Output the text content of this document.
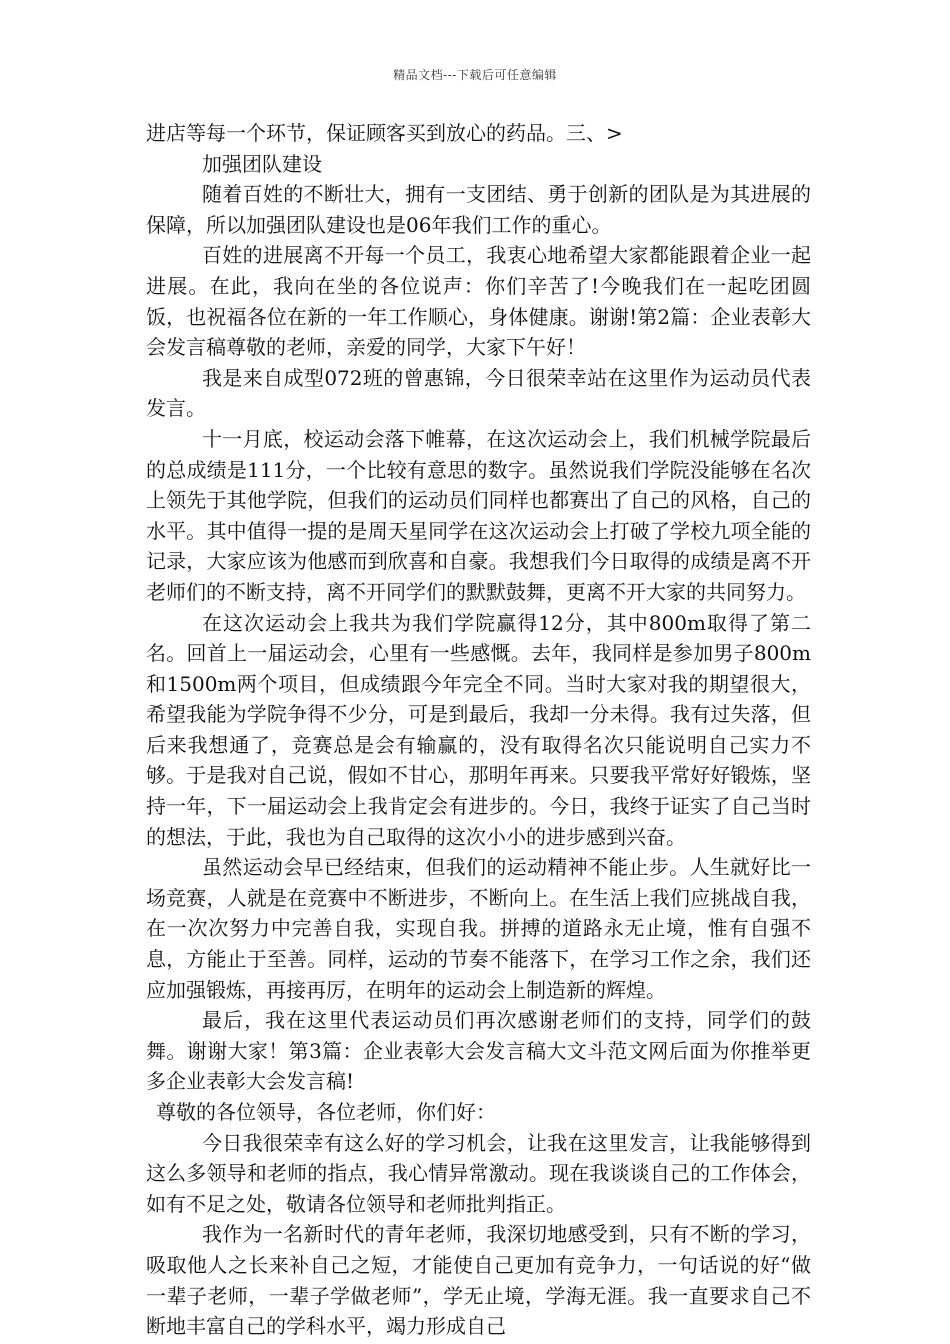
精品文档---下载后可任意编辑

进店等每一个环节，保证顾客买到放心的药品。三、>

加强团队建设

随着百姓的不断壮大，拥有一支团结、勇于创新的团队是为其进展的保障，所以加强团队建设也是06年我们工作的重心。

百姓的进展离不开每一个员工，我衷心地希望大家都能跟着企业一起进展。在此，我向在坐的各位说声：你们辛苦了!今晚我们在一起吃团圆饭，也祝福各位在新的一年工作顺心，身体健康。谢谢!第2篇：企业表彰大会发言稿尊敬的老师，亲爱的同学，大家下午好！

我是来自成型072班的曾惠锦，今日很荣幸站在这里作为运动员代表发言。

十一月底，校运动会落下帷幕，在这次运动会上，我们机械学院最后的总成绩是111分，一个比较有意思的数字。虽然说我们学院没能够在名次上领先于其他学院，但我们的运动员们同样也都赛出了自己的风格，自己的水平。其中值得一提的是周天星同学在这次运动会上打破了学校九项全能的记录，大家应该为他感而到欣喜和自豪。我想我们今日取得的成绩是离不开老师们的不断支持，离不开同学们的默默鼓舞，更离不开大家的共同努力。

在这次运动会上我共为我们学院赢得12分，其中800m取得了第二名。回首上一届运动会，心里有一些感慨。去年，我同样是参加男子800m和1500m两个项目，但成绩跟今年完全不同。当时大家对我的期望很大，希望我能为学院争得不少分，可是到最后，我却一分未得。我有过失落，但后来我想通了，竞赛总是会有输赢的，没有取得名次只能说明自己实力不够。于是我对自己说，假如不甘心，那明年再来。只要我平常好好锻炼，坚持一年，下一届运动会上我肯定会有进步的。今日，我终于证实了自己当时的想法，于此，我也为自己取得的这次小小的进步感到兴奋。

虽然运动会早已经结束，但我们的运动精神不能止步。人生就好比一场竞赛，人就是在竞赛中不断进步，不断向上。在生活上我们应挑战自我，在一次次努力中完善自我，实现自我。拼搏的道路永无止境，惟有自强不息，方能止于至善。同样，运动的节奏不能落下，在学习工作之余，我们还应加强锻炼，再接再厉，在明年的运动会上制造新的辉煌。

最后，我在这里代表运动员们再次感谢老师们的支持，同学们的鼓舞。谢谢大家！第3篇：企业表彰大会发言稿大文斗范文网后面为你推举更多企业表彰大会发言稿!

尊敬的各位领导，各位老师，你们好：

今日我很荣幸有这么好的学习机会，让我在这里发言，让我能够得到这么多领导和老师的指点，我心情异常激动。现在我谈谈自己的工作体会，如有不足之处，敬请各位领导和老师批判指正。

我作为一名新时代的青年老师，我深切地感受到，只有不断的学习，吸取他人之长来补自己之短，才能使自己更加有竞争力，一句话说的好“做一辈子老师，一辈子学做老师”，学无止境，学海无涯。我一直要求自己不断地丰富自己的学科水平，竭力形成自己
